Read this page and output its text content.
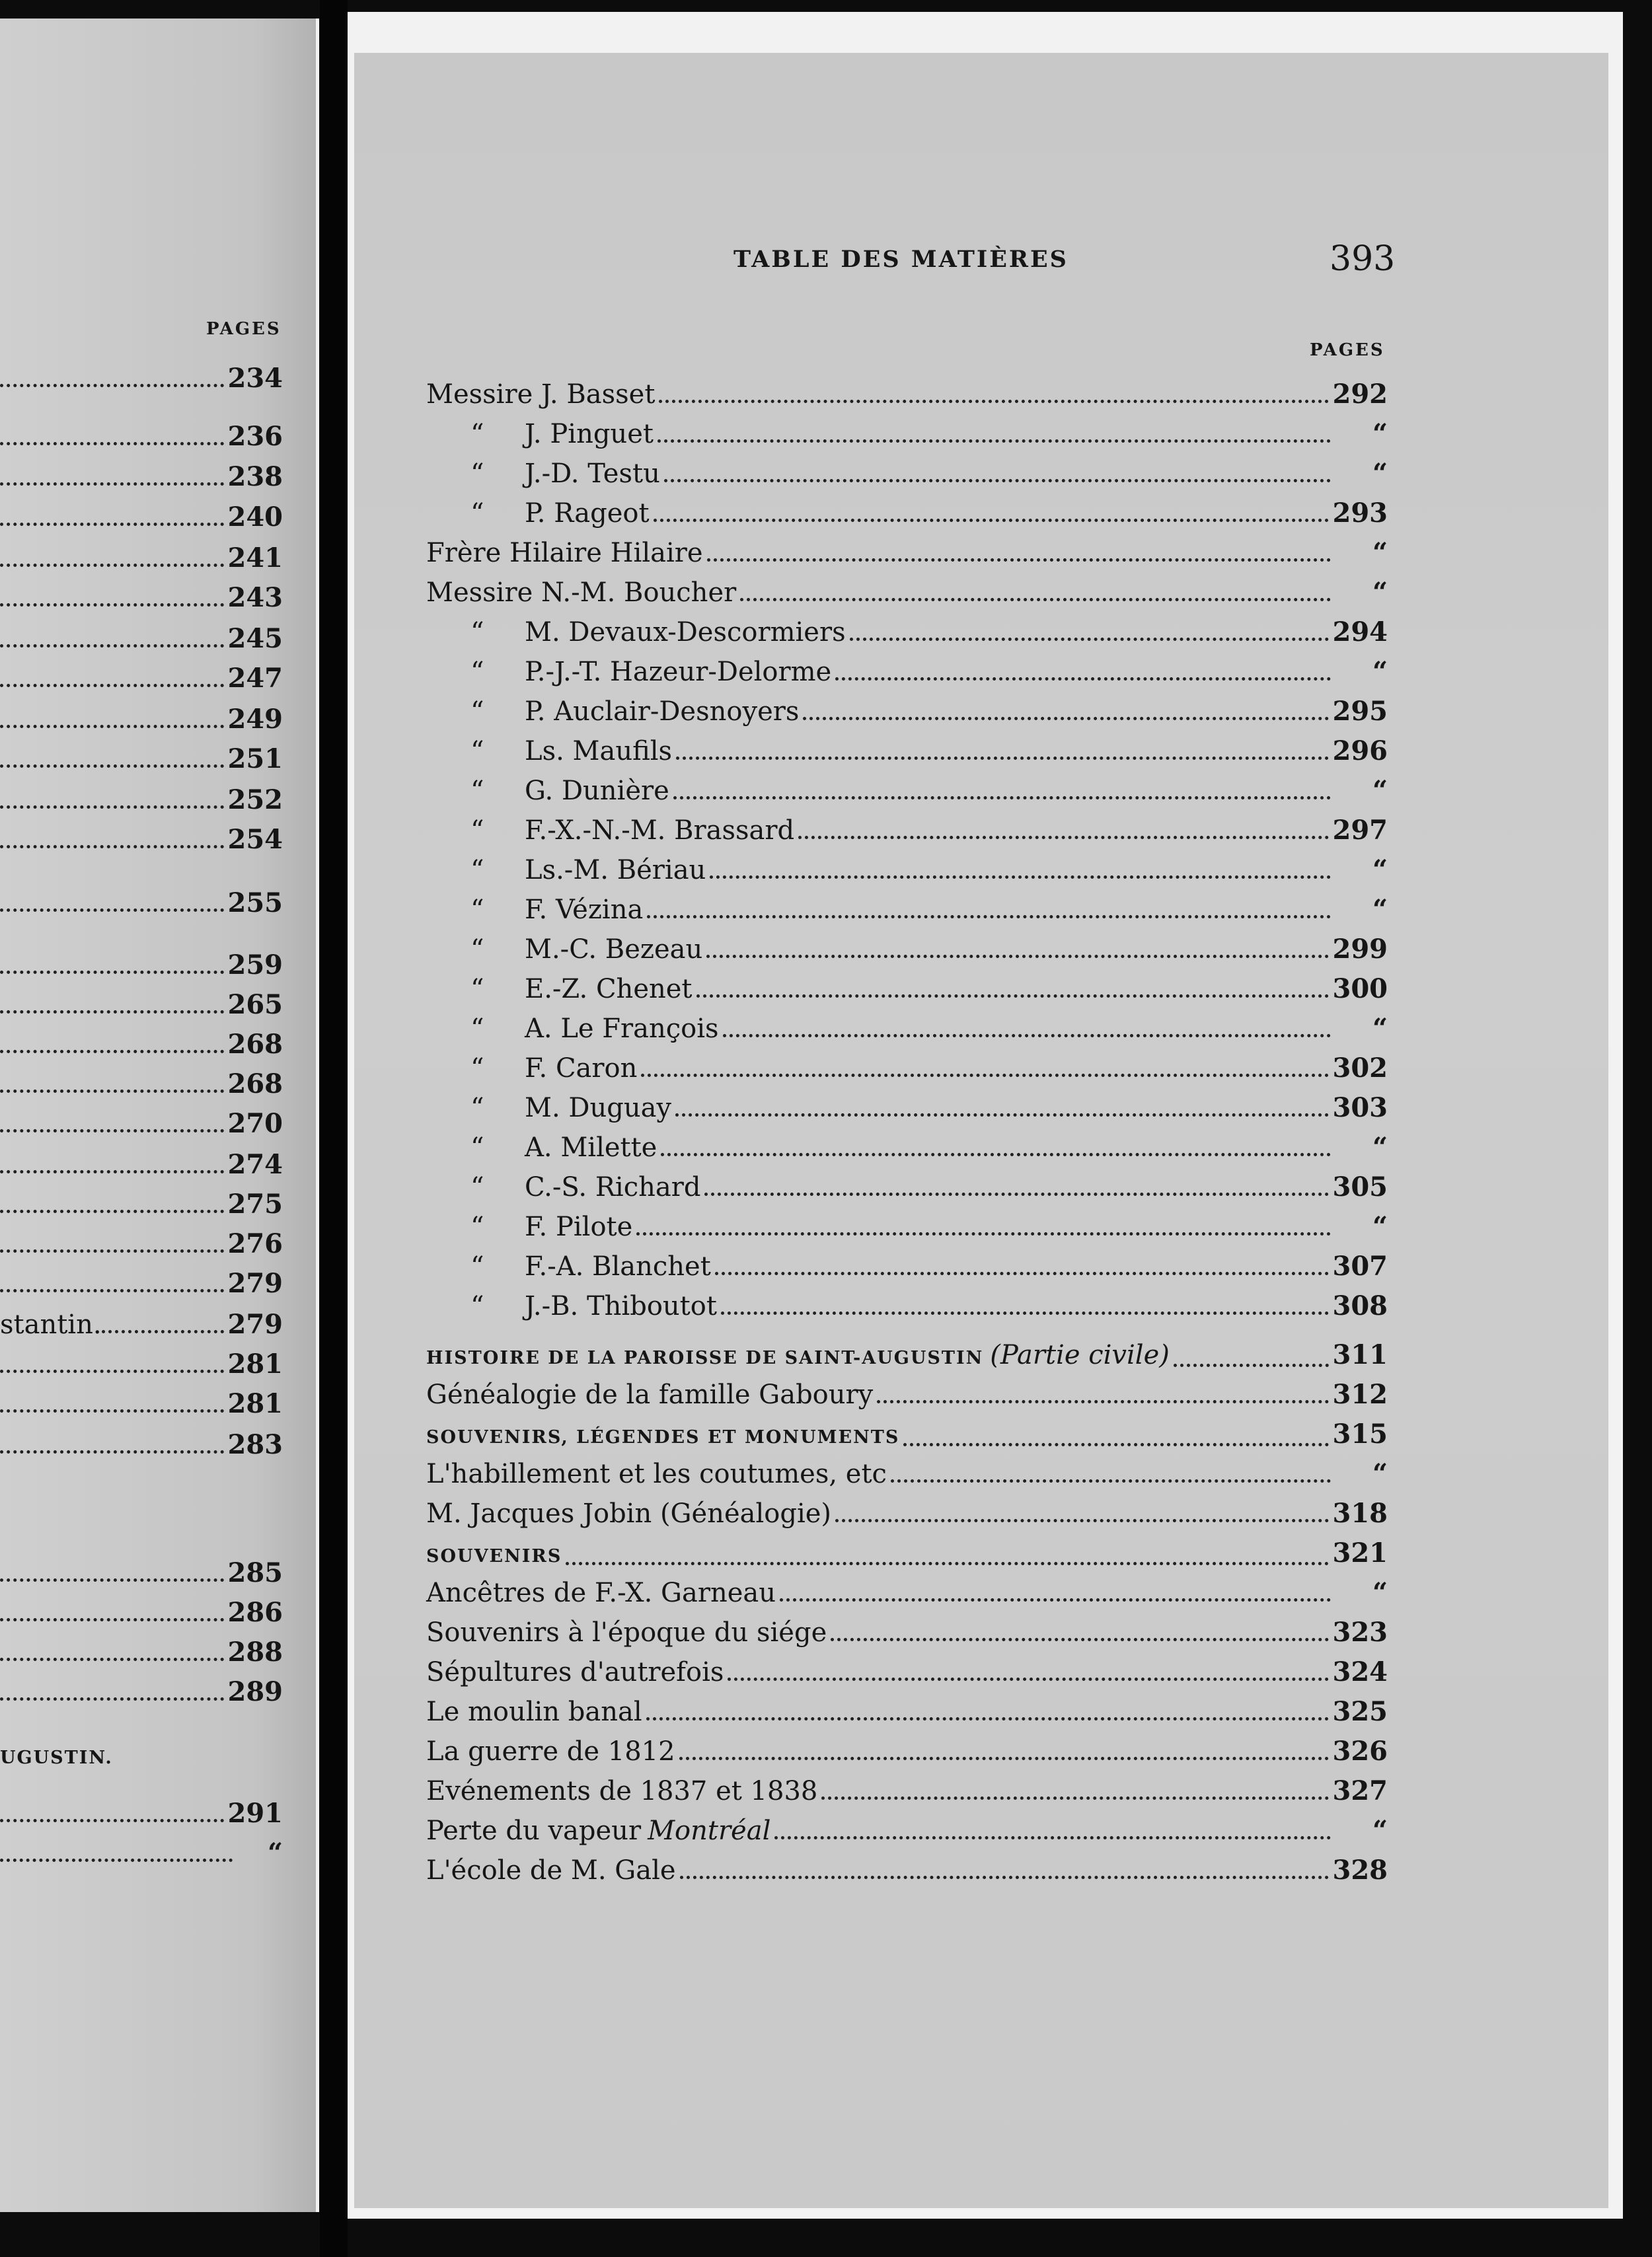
PAGES
234
236
238
240
241
243
245
247
249
251
252
254
255
259
265
268
268
270
274
275
276
279
stantin.	279
281
281
283
285
286
288
289
UGUSTIN.
291
“
TABLE DES MATIÈRES	393
PAGES
Messire J. Basset	292
“	J. Pinguet	“
“	J.-D. Testu	“
“	P. Rageot	293
Frère Hilaire Hilaire	“
Messire N.-M. Boucher	“
“	M. Devaux-Descormiers	294
“	P.-J.-T. Hazeur-Delorme	“
“	P. Auclair-Desnoyers	295
“	Ls. Maufils	296
“	G. Dunière	“
“	F.-X.-N.-M. Brassard	297
“	Ls.-M. Bériau	“
“	F. Vézina	“
“	M.-C. Bezeau	299
“	E.-Z. Chenet	300
“	A. Le François	“
“	F. Caron	302
“	M. Duguay	303
“	A. Milette	“
“	C.-S. Richard	305
“	F. Pilote	“
“	F.-A. Blanchet	307
“	J.-B. Thiboutot	308
HISTOIRE DE LA PAROISSE DE SAINT-AUGUSTIN (Partie civile)	311
Généalogie de la famille Gaboury	312
SOUVENIRS, LÉGENDES ET MONUMENTS	315
L'habillement et les coutumes, etc	“
M. Jacques Jobin (Généalogie)	318
SOUVENIRS	321
Ancêtres de F.-X. Garneau	“
Souvenirs à l'époque du siége	323
Sépultures d'autrefois	324
Le moulin banal	325
La guerre de 1812	326
Evénements de 1837 et 1838	327
Perte du vapeur Montréal	“
L'école de M. Gale	328
